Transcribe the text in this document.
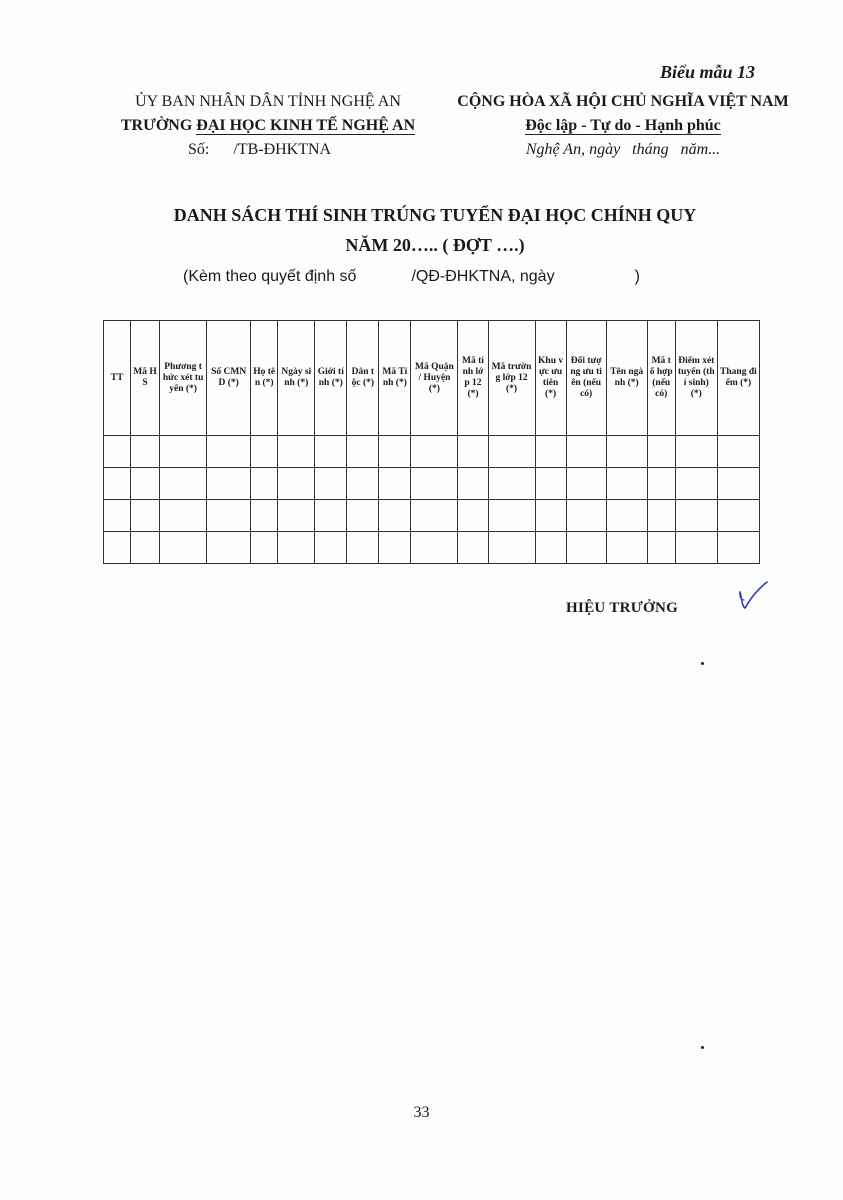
Biểu mẫu 13
ỦY BAN NHÂN DÂN TỈNH NGHỆ AN
TRƯỜNG ĐẠI HỌC KINH TẾ NGHỆ AN
Số:      /TB-ĐHKTNA
CỘNG HÒA XÃ HỘI CHỦ NGHĨA VIỆT NAM
Độc lập - Tự do - Hạnh phúc
Nghệ An, ngày   tháng   năm...
DANH SÁCH THÍ SINH TRÚNG TUYỂN ĐẠI HỌC CHÍNH QUY
NĂM 20….. ( ĐỢT ….)
(Kèm theo quyết định số	/QĐ-ĐHKTNA, ngày	)
TT	Mã HS	Phương thức xét tuyển (*)	Số CMND (*)	Họ tên (*)	Ngày sinh (*)	Giới tính (*)	Dân tộc (*)	Mã Tỉnh (*)	Mã Quận / Huyện (*)	Mã tỉnh lớp 12 (*)	Mã trường lớp 12 (*)	Khu vực ưu tiên (*)	Đối tượng ưu tiên (nếu có)	Tên ngành (*)	Mã tổ hợp (nếu có)	Điểm xét tuyển (thí sinh) (*)	Thang điểm (*)

HIỆU TRƯỞNG
33
